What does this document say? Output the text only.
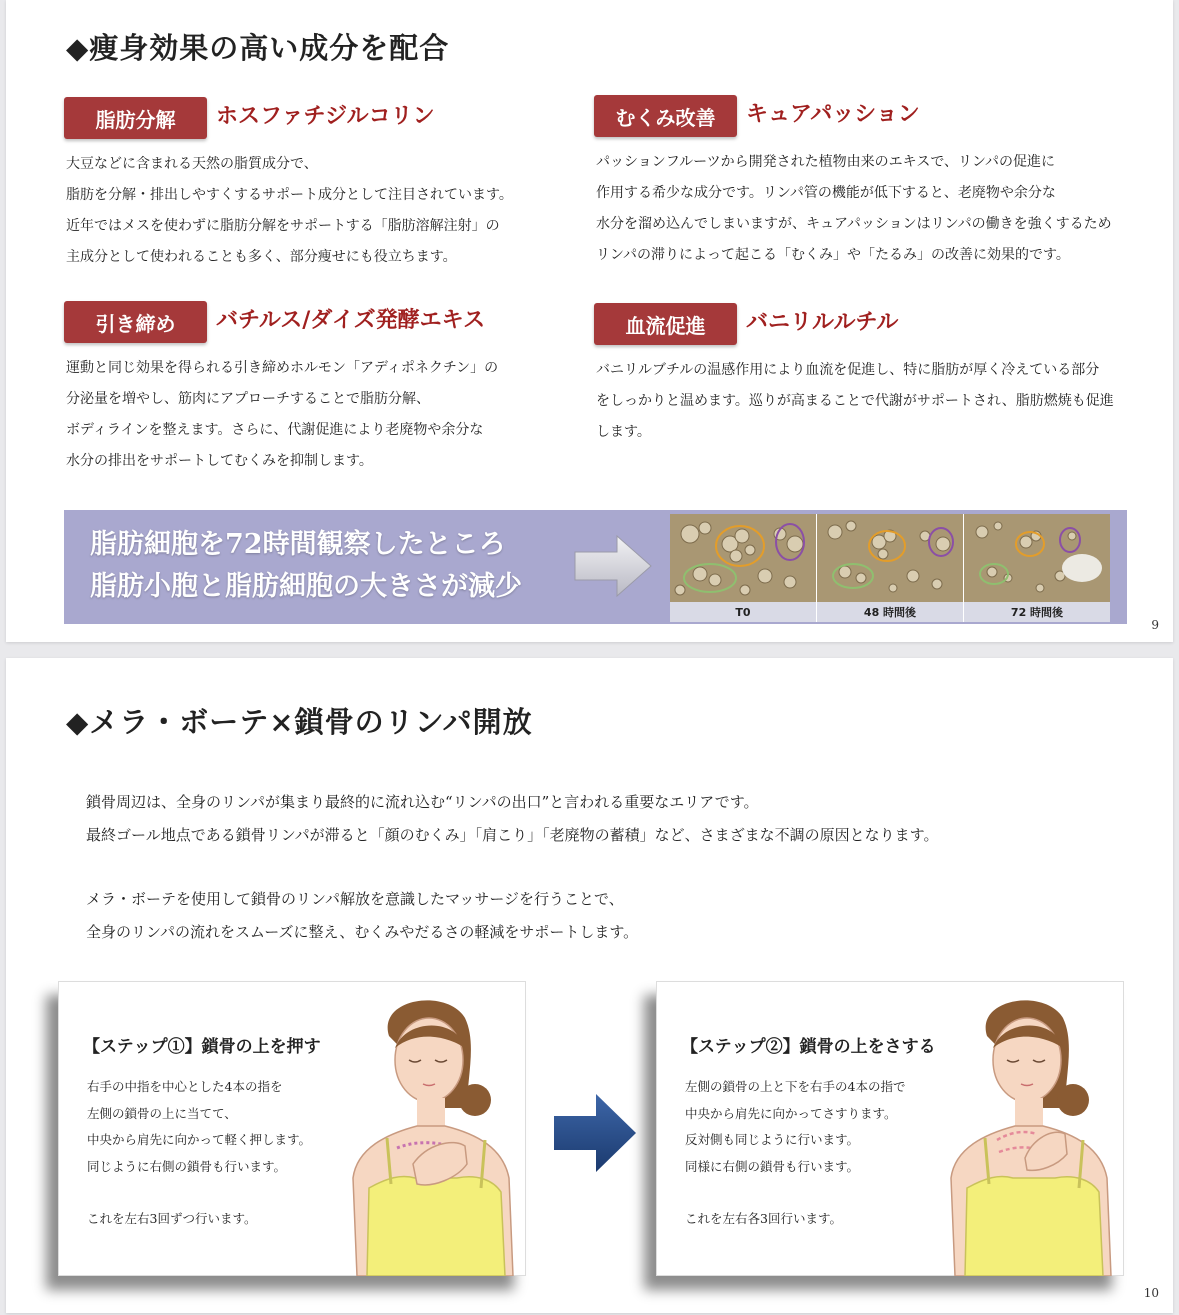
◆痩身効果の高い成分を配合
脂肪分解	ホスファチジルコリン
大豆などに含まれる天然の脂質成分で、
脂肪を分解・排出しやすくするサポート成分として注目されています。
近年ではメスを使わずに脂肪分解をサポートする「脂肪溶解注射」の
主成分として使われることも多く、部分痩せにも役立ちます。
むくみ改善	キュアパッション
パッションフルーツから開発された植物由来のエキスで、リンパの促進に
作用する希少な成分です。リンパ管の機能が低下すると、老廃物や余分な
水分を溜め込んでしまいますが、キュアパッションはリンパの働きを強くするため
リンパの滞りによって起こる「むくみ」や「たるみ」の改善に効果的です。
引き締め	バチルス/ダイズ発酵エキス
運動と同じ効果を得られる引き締めホルモン「アディポネクチン」の
分泌量を増やし、筋肉にアプローチすることで脂肪分解、
ボディラインを整えます。さらに、代謝促進により老廃物や余分な
水分の排出をサポートしてむくみを抑制します。
血流促進	バニリルルチル
バニリルブチルの温感作用により血流を促進し、特に脂肪が厚く冷えている部分
をしっかりと温めます。巡りが高まることで代謝がサポートされ、脂肪燃焼も促進
します。
脂肪細胞を72時間観察したところ
脂肪小胞と脂肪細胞の大きさが減少
T0	48 時間後	72 時間後
9
◆メラ・ボーテ×鎖骨のリンパ開放
鎖骨周辺は、全身のリンパが集まり最終的に流れ込む“リンパの出口”と言われる重要なエリアです。
最終ゴール地点である鎖骨リンパが滞ると「顔のむくみ」「肩こり」「老廃物の蓄積」など、さまざまな不調の原因となります。
メラ・ボーテを使用して鎖骨のリンパ解放を意識したマッサージを行うことで、
全身のリンパの流れをスムーズに整え、むくみやだるさの軽減をサポートします。
【ステップ①】鎖骨の上を押す
右手の中指を中心とした4本の指を
左側の鎖骨の上に当てて、
中央から肩先に向かって軽く押します。
同じように右側の鎖骨も行います。
これを左右3回ずつ行います。
【ステップ②】鎖骨の上をさする
左側の鎖骨の上と下を右手の4本の指で
中央から肩先に向かってさすります。
反対側も同じように行います。
同様に右側の鎖骨も行います。
これを左右各3回行います。
10
